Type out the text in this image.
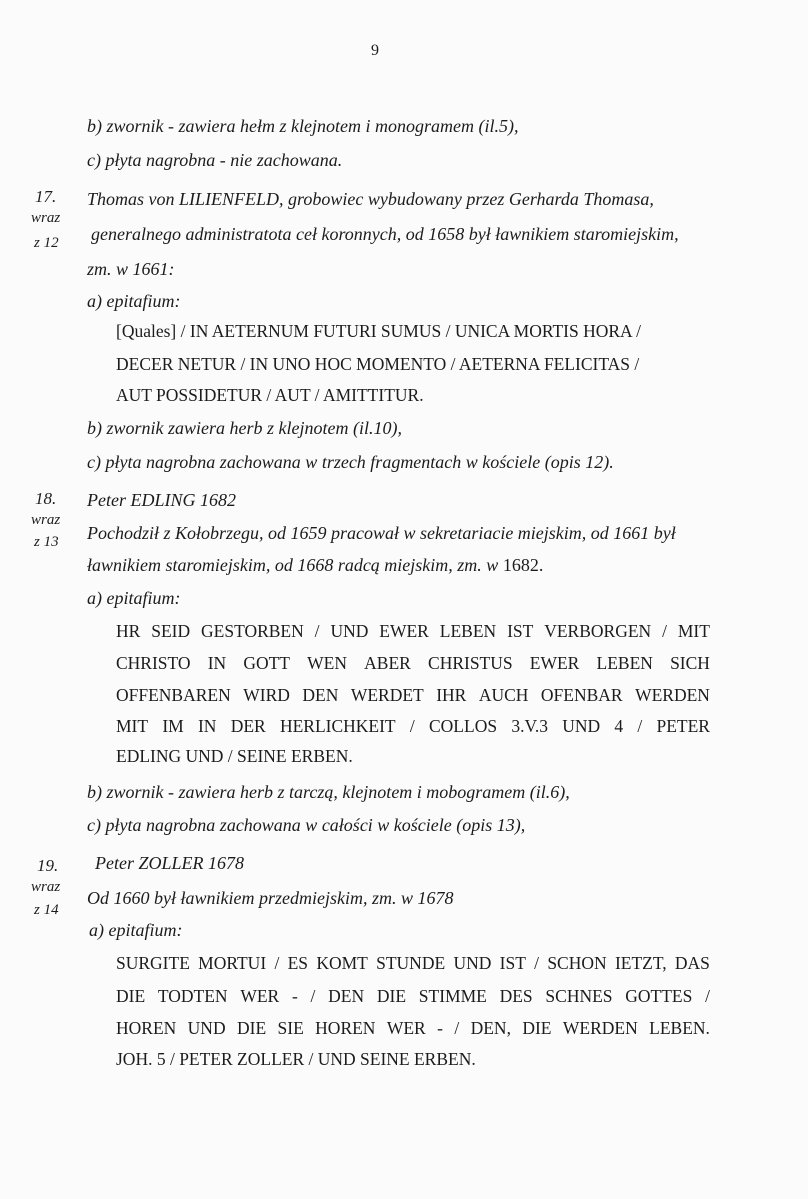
9
b) zwornik - zawiera hełm z klejnotem i monogramem (il.5),
c) płyta nagrobna - nie zachowana.
17.
wraz
z 12
Thomas von LILIENFELD, grobowiec wybudowany przez Gerharda Thomasa,
generalnego administratota ceł koronnych, od 1658 był ławnikiem staromiejskim,
zm. w 1661:
a) epitafium:
[Quales] / IN AETERNUM FUTURI SUMUS / UNICA MORTIS HORA /
DECER NETUR / IN UNO HOC MOMENTO / AETERNA FELICITAS /
AUT POSSIDETUR / AUT / AMITTITUR.
b) zwornik zawiera herb z klejnotem (il.10),
c) płyta nagrobna zachowana w trzech fragmentach w kościele (opis 12).
18.
wraz
z 13
Peter EDLING 1682
Pochodził z Kołobrzegu, od 1659 pracował w sekretariacie miejskim, od 1661 był
ławnikiem staromiejskim, od 1668 radcą miejskim, zm. w 1682.
a) epitafium:
HR SEID GESTORBEN / UND EWER LEBEN IST VERBORGEN / MIT
CHRISTO IN GOTT WEN ABER CHRISTUS EWER LEBEN SICH
OFFENBAREN WIRD DEN WERDET IHR AUCH OFENBAR WERDEN
MIT IM IN DER HERLICHKEIT / COLLOS 3.V.3 UND 4 / PETER
EDLING UND / SEINE ERBEN.
b) zwornik - zawiera herb z tarczą, klejnotem i mobogramem (il.6),
c) płyta nagrobna zachowana w całości w kościele (opis 13),
19.
wraz
z 14
Peter ZOLLER 1678
Od 1660 był ławnikiem przedmiejskim, zm. w 1678
a) epitafium:
SURGITE MORTUI / ES KOMT STUNDE UND IST / SCHON IETZT, DAS
DIE TODTEN WER - / DEN DIE STIMME DES SCHNES GOTTES /
HOREN UND DIE SIE HOREN WER - / DEN, DIE WERDEN LEBEN.
JOH. 5 / PETER ZOLLER / UND SEINE ERBEN.
